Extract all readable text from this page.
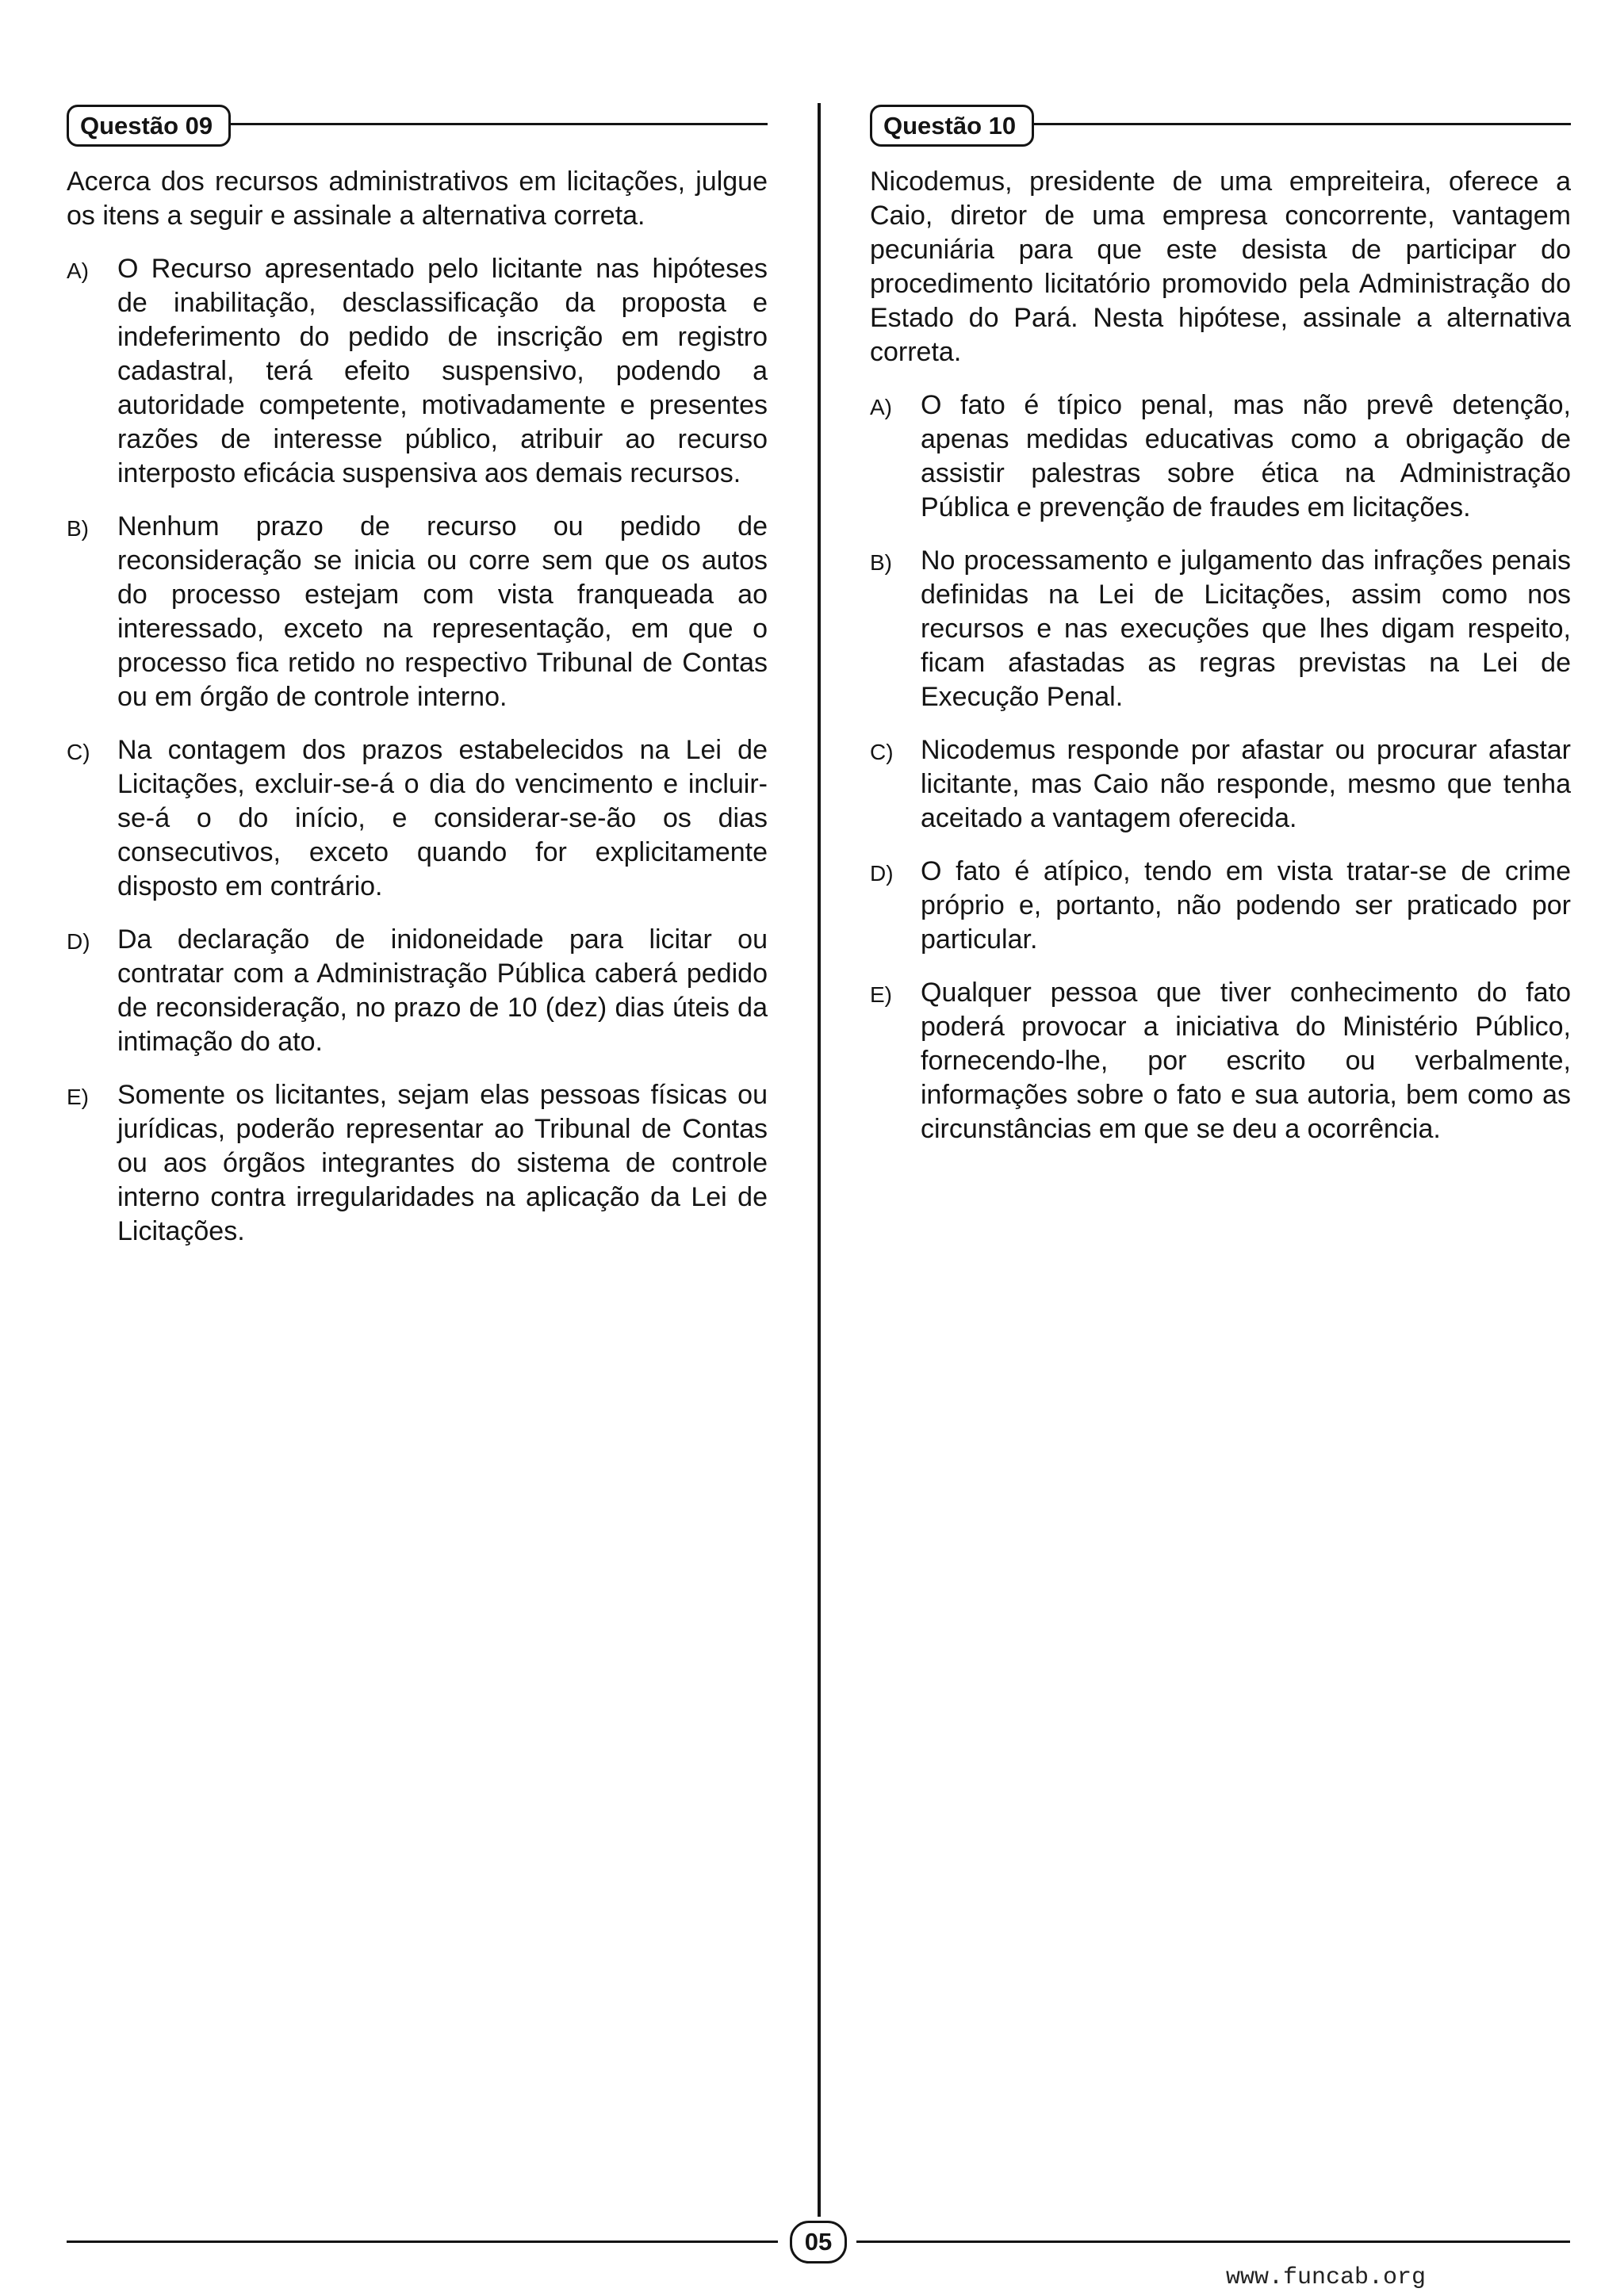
Questão 09

Acerca dos recursos administrativos em licitações, julgue os itens a seguir e assinale a alternativa correta.

A)	O Recurso apresentado pelo licitante nas hipóteses de inabilitação, desclassificação da proposta e indeferimento do pedido de inscrição em registro cadastral, terá efeito suspensivo, podendo a autoridade competente, motivadamente e presentes razões de interesse público, atribuir ao recurso interposto eficácia suspensiva aos demais recursos.
B)	Nenhum prazo de recurso ou pedido de reconsideração se inicia ou corre sem que os autos do processo estejam com vista franqueada ao interessado, exceto na representação, em que o processo fica retido no respectivo Tribunal de Contas ou em órgão de controle interno.
C)	Na contagem dos prazos estabelecidos na Lei de Licitações, excluir-se-á o dia do vencimento e incluir-se-á o do início, e considerar-se-ão os dias consecutivos, exceto quando for explicitamente disposto em contrário.
D)	Da declaração de inidoneidade para licitar ou contratar com a Administração Pública caberá pedido de reconsideração, no prazo de 10 (dez) dias úteis da intimação do ato.
E)	Somente os licitantes, sejam elas pessoas físicas ou jurídicas, poderão representar ao Tribunal de Contas ou aos órgãos integrantes do sistema de controle interno contra irregularidades na aplicação da Lei de Licitações.
Questão 10

Nicodemus, presidente de uma empreiteira, oferece a Caio, diretor de uma empresa concorrente, vantagem pecuniária para que este desista de participar do procedimento licitatório promovido pela Administração do Estado do Pará. Nesta hipótese, assinale a alternativa correta.

A)	O fato é típico penal, mas não prevê detenção, apenas medidas educativas como a obrigação de assistir palestras sobre ética na Administração Pública e prevenção de fraudes em licitações.
B)	No processamento e julgamento das infrações penais definidas na Lei de Licitações, assim como nos recursos e nas execuções que lhes digam respeito, ficam afastadas as regras previstas na Lei de Execução Penal.
C)	Nicodemus responde por afastar ou procurar afastar licitante, mas Caio não responde, mesmo que tenha aceitado a vantagem oferecida.
D)	O fato é atípico, tendo em vista tratar-se de crime próprio e, portanto, não podendo ser praticado por particular.
E)	Qualquer pessoa que tiver conhecimento do fato poderá provocar a iniciativa do Ministério Público, fornecendo-lhe, por escrito ou verbalmente, informações sobre o fato e sua autoria, bem como as circunstâncias em que se deu a ocorrência.
05
www.funcab.org
